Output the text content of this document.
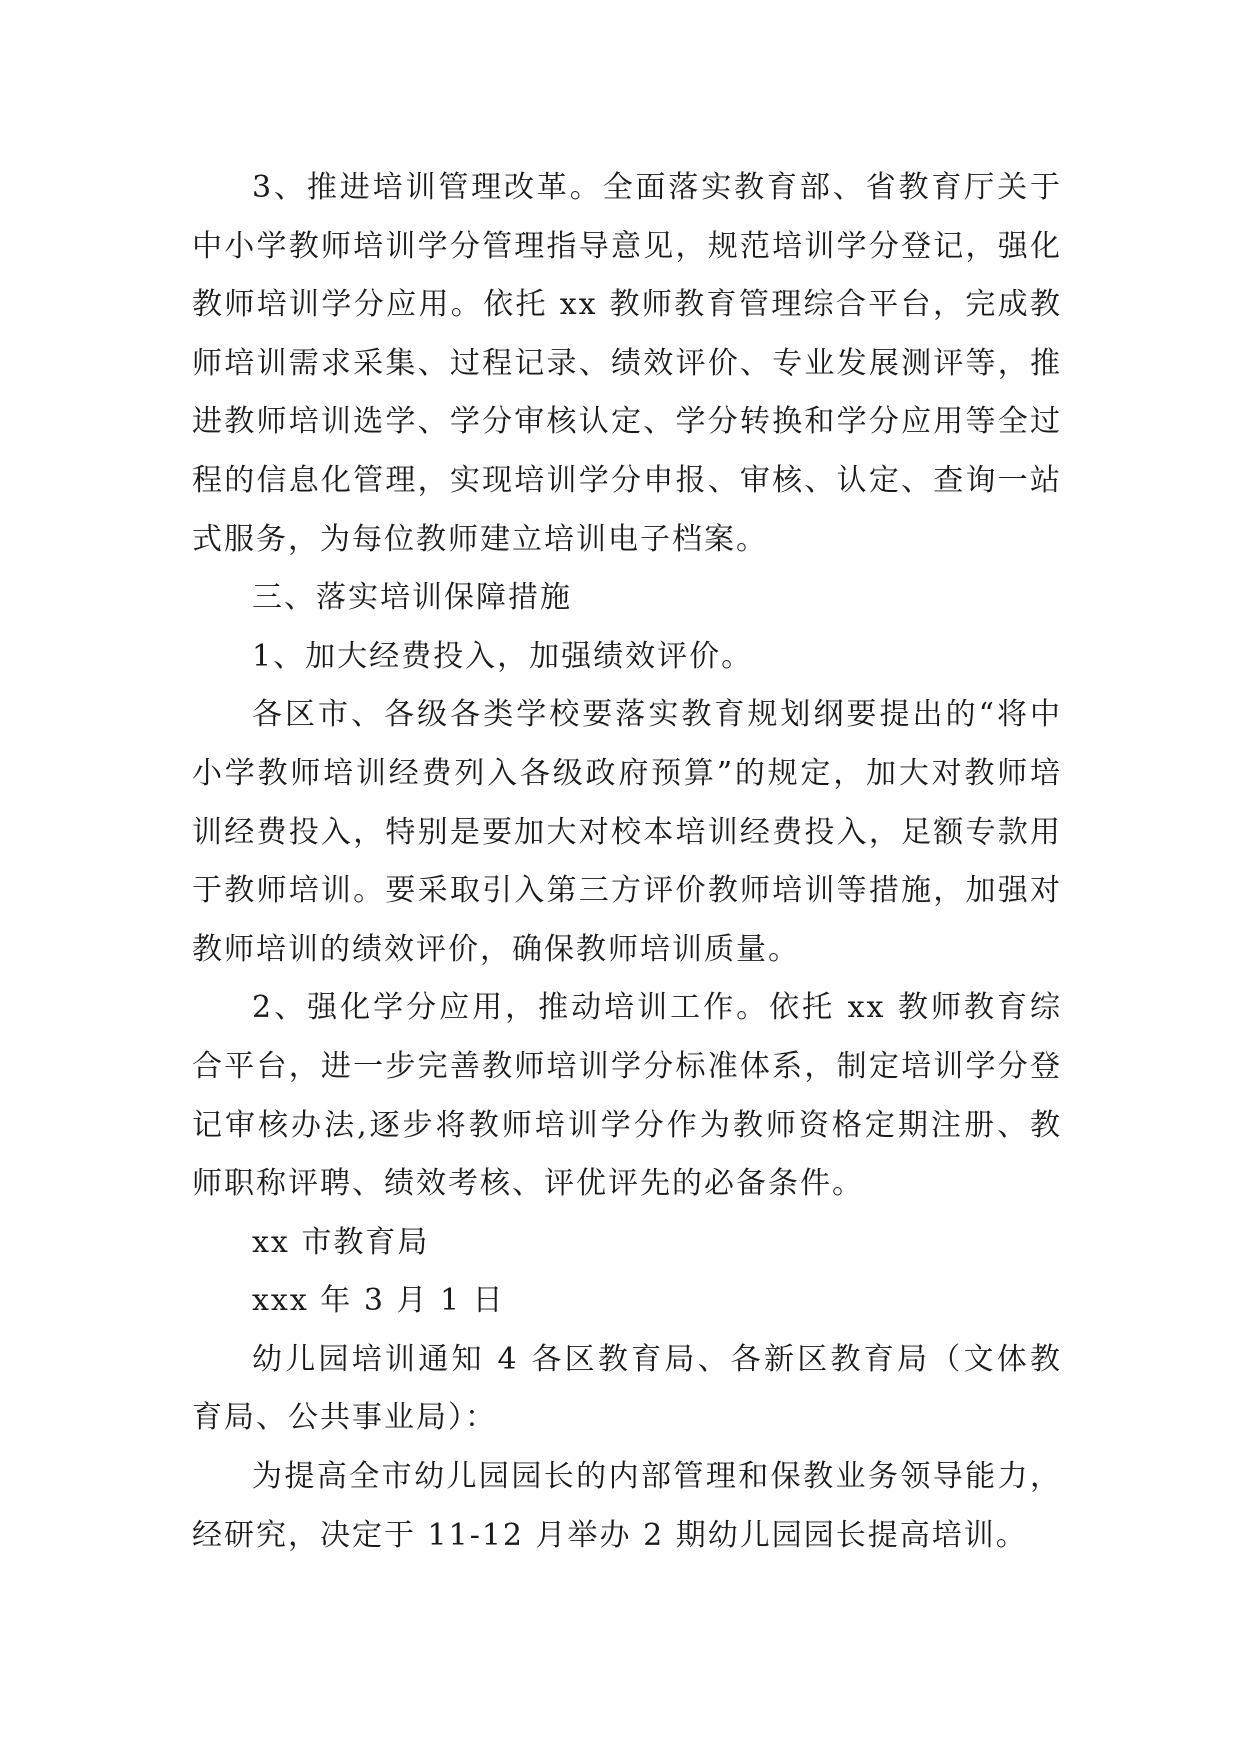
3、推进培训管理改革。全面落实教育部、省教育厅关于中小学教师培训学分管理指导意见，规范培训学分登记，强化教师培训学分应用。依托 xx 教师教育管理综合平台，完成教师培训需求采集、过程记录、绩效评价、专业发展测评等，推进教师培训选学、学分审核认定、学分转换和学分应用等全过程的信息化管理，实现培训学分申报、审核、认定、查询一站式服务，为每位教师建立培训电子档案。

三、落实培训保障措施

1、加大经费投入，加强绩效评价。

各区市、各级各类学校要落实教育规划纲要提出的“将中小学教师培训经费列入各级政府预算”的规定，加大对教师培训经费投入，特别是要加大对校本培训经费投入，足额专款用于教师培训。要采取引入第三方评价教师培训等措施，加强对教师培训的绩效评价，确保教师培训质量。

2、强化学分应用，推动培训工作。依托 xx 教师教育综合平台，进一步完善教师培训学分标准体系，制定培训学分登记审核办法,逐步将教师培训学分作为教师资格定期注册、教师职称评聘、绩效考核、评优评先的必备条件。

xx 市教育局

xxx 年 3 月 1 日

幼儿园培训通知 4 各区教育局、各新区教育局（文体教育局、公共事业局）：

为提高全市幼儿园园长的内部管理和保教业务领导能力，经研究，决定于 11-12 月举办 2 期幼儿园园长提高培训。
